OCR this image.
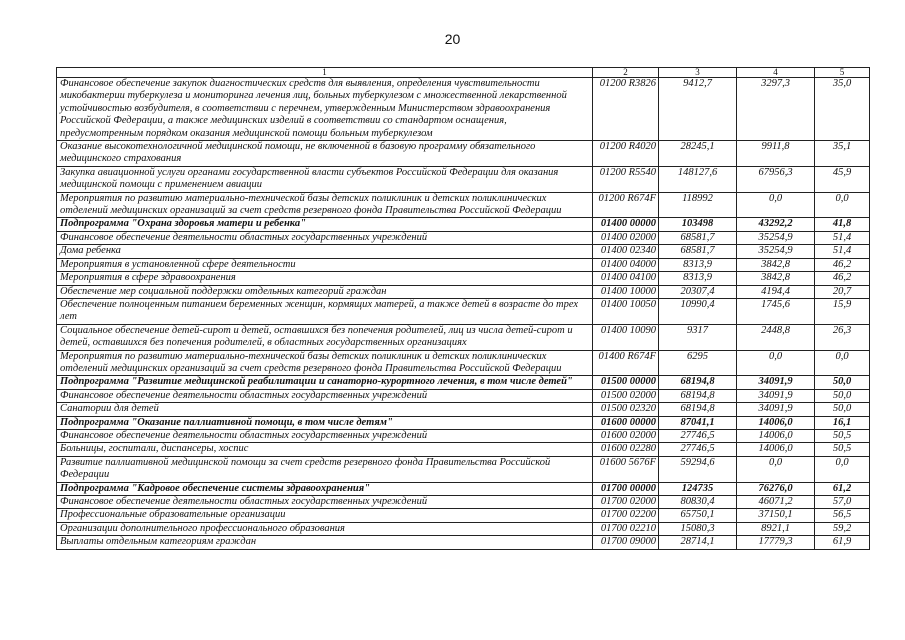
20
1	2	3	4	5
Финансовое обеспечение закупок диагностических средств для выявления, определения чувствительности микобактерии туберкулеза и мониторинга лечения лиц, больных туберкулезом с множественной лекарственной устойчивостью возбудителя, в соответствии с перечнем, утвержденным Министерством здравоохранения Российской Федерации, а также медицинских изделий в соответствии со стандартом оснащения, предусмотренным порядком оказания медицинской помощи больным туберкулезом	01200 R3826	9412,7	3297,3	35,0
Оказание высокотехнологичной медицинской помощи, не включенной в базовую программу обязательного медицинского страхования	01200 R4020	28245,1	9911,8	35,1
Закупка авиационной услуги органами государственной власти субъектов Российской Федерации для оказания медицинской помощи с применением авиации	01200 R5540	148127,6	67956,3	45,9
Мероприятия по развитию материально-технической базы детских поликлиник и детских поликлинических отделений медицинских организаций за счет средств резервного фонда Правительства Российской Федерации	01200 R674F	118992	0,0	0,0
Подпрограмма "Охрана здоровья матери и ребенка"	01400 00000	103498	43292,2	41,8
Финансовое обеспечение деятельности областных государственных учреждений	01400 02000	68581,7	35254,9	51,4
Дома ребенка	01400 02340	68581,7	35254,9	51,4
Мероприятия в установленной сфере деятельности	01400 04000	8313,9	3842,8	46,2
Мероприятия в сфере здравоохранения	01400 04100	8313,9	3842,8	46,2
Обеспечение мер социальной поддержки отдельных категорий граждан	01400 10000	20307,4	4194,4	20,7
Обеспечение полноценным питанием беременных женщин, кормящих матерей, а также детей в возрасте до трех лет	01400 10050	10990,4	1745,6	15,9
Социальное обеспечение детей-сирот и детей, оставшихся без попечения родителей, лиц из числа детей-сирот и детей, оставшихся без попечения родителей, в областных государственных организациях	01400 10090	9317	2448,8	26,3
Мероприятия по развитию материально-технической базы детских поликлиник и детских поликлинических отделений медицинских организаций за счет средств резервного фонда Правительства Российской Федерации	01400 R674F	6295	0,0	0,0
Подпрограмма "Развитие медицинской реабилитации и санаторно-курортного лечения, в том числе детей"	01500 00000	68194,8	34091,9	50,0
Финансовое обеспечение деятельности областных государственных учреждений	01500 02000	68194,8	34091,9	50,0
Санатории для детей	01500 02320	68194,8	34091,9	50,0
Подпрограмма "Оказание паллиативной помощи, в том числе детям"	01600 00000	87041,1	14006,0	16,1
Финансовое обеспечение деятельности областных государственных учреждений	01600 02000	27746,5	14006,0	50,5
Больницы, госпитали, диспансеры, хоспис	01600 02280	27746,5	14006,0	50,5
Развитие паллиативной медицинской помощи за счет средств резервного фонда Правительства Российской Федерации	01600 5676F	59294,6	0,0	0,0
Подпрограмма "Кадровое обеспечение системы здравоохранения"	01700 00000	124735	76276,0	61,2
Финансовое обеспечение деятельности областных государственных учреждений	01700 02000	80830,4	46071,2	57,0
Профессиональные образовательные организации	01700 02200	65750,1	37150,1	56,5
Организации дополнительного профессионального образования	01700 02210	15080,3	8921,1	59,2
Выплаты отдельным категориям граждан	01700 09000	28714,1	17779,3	61,9
